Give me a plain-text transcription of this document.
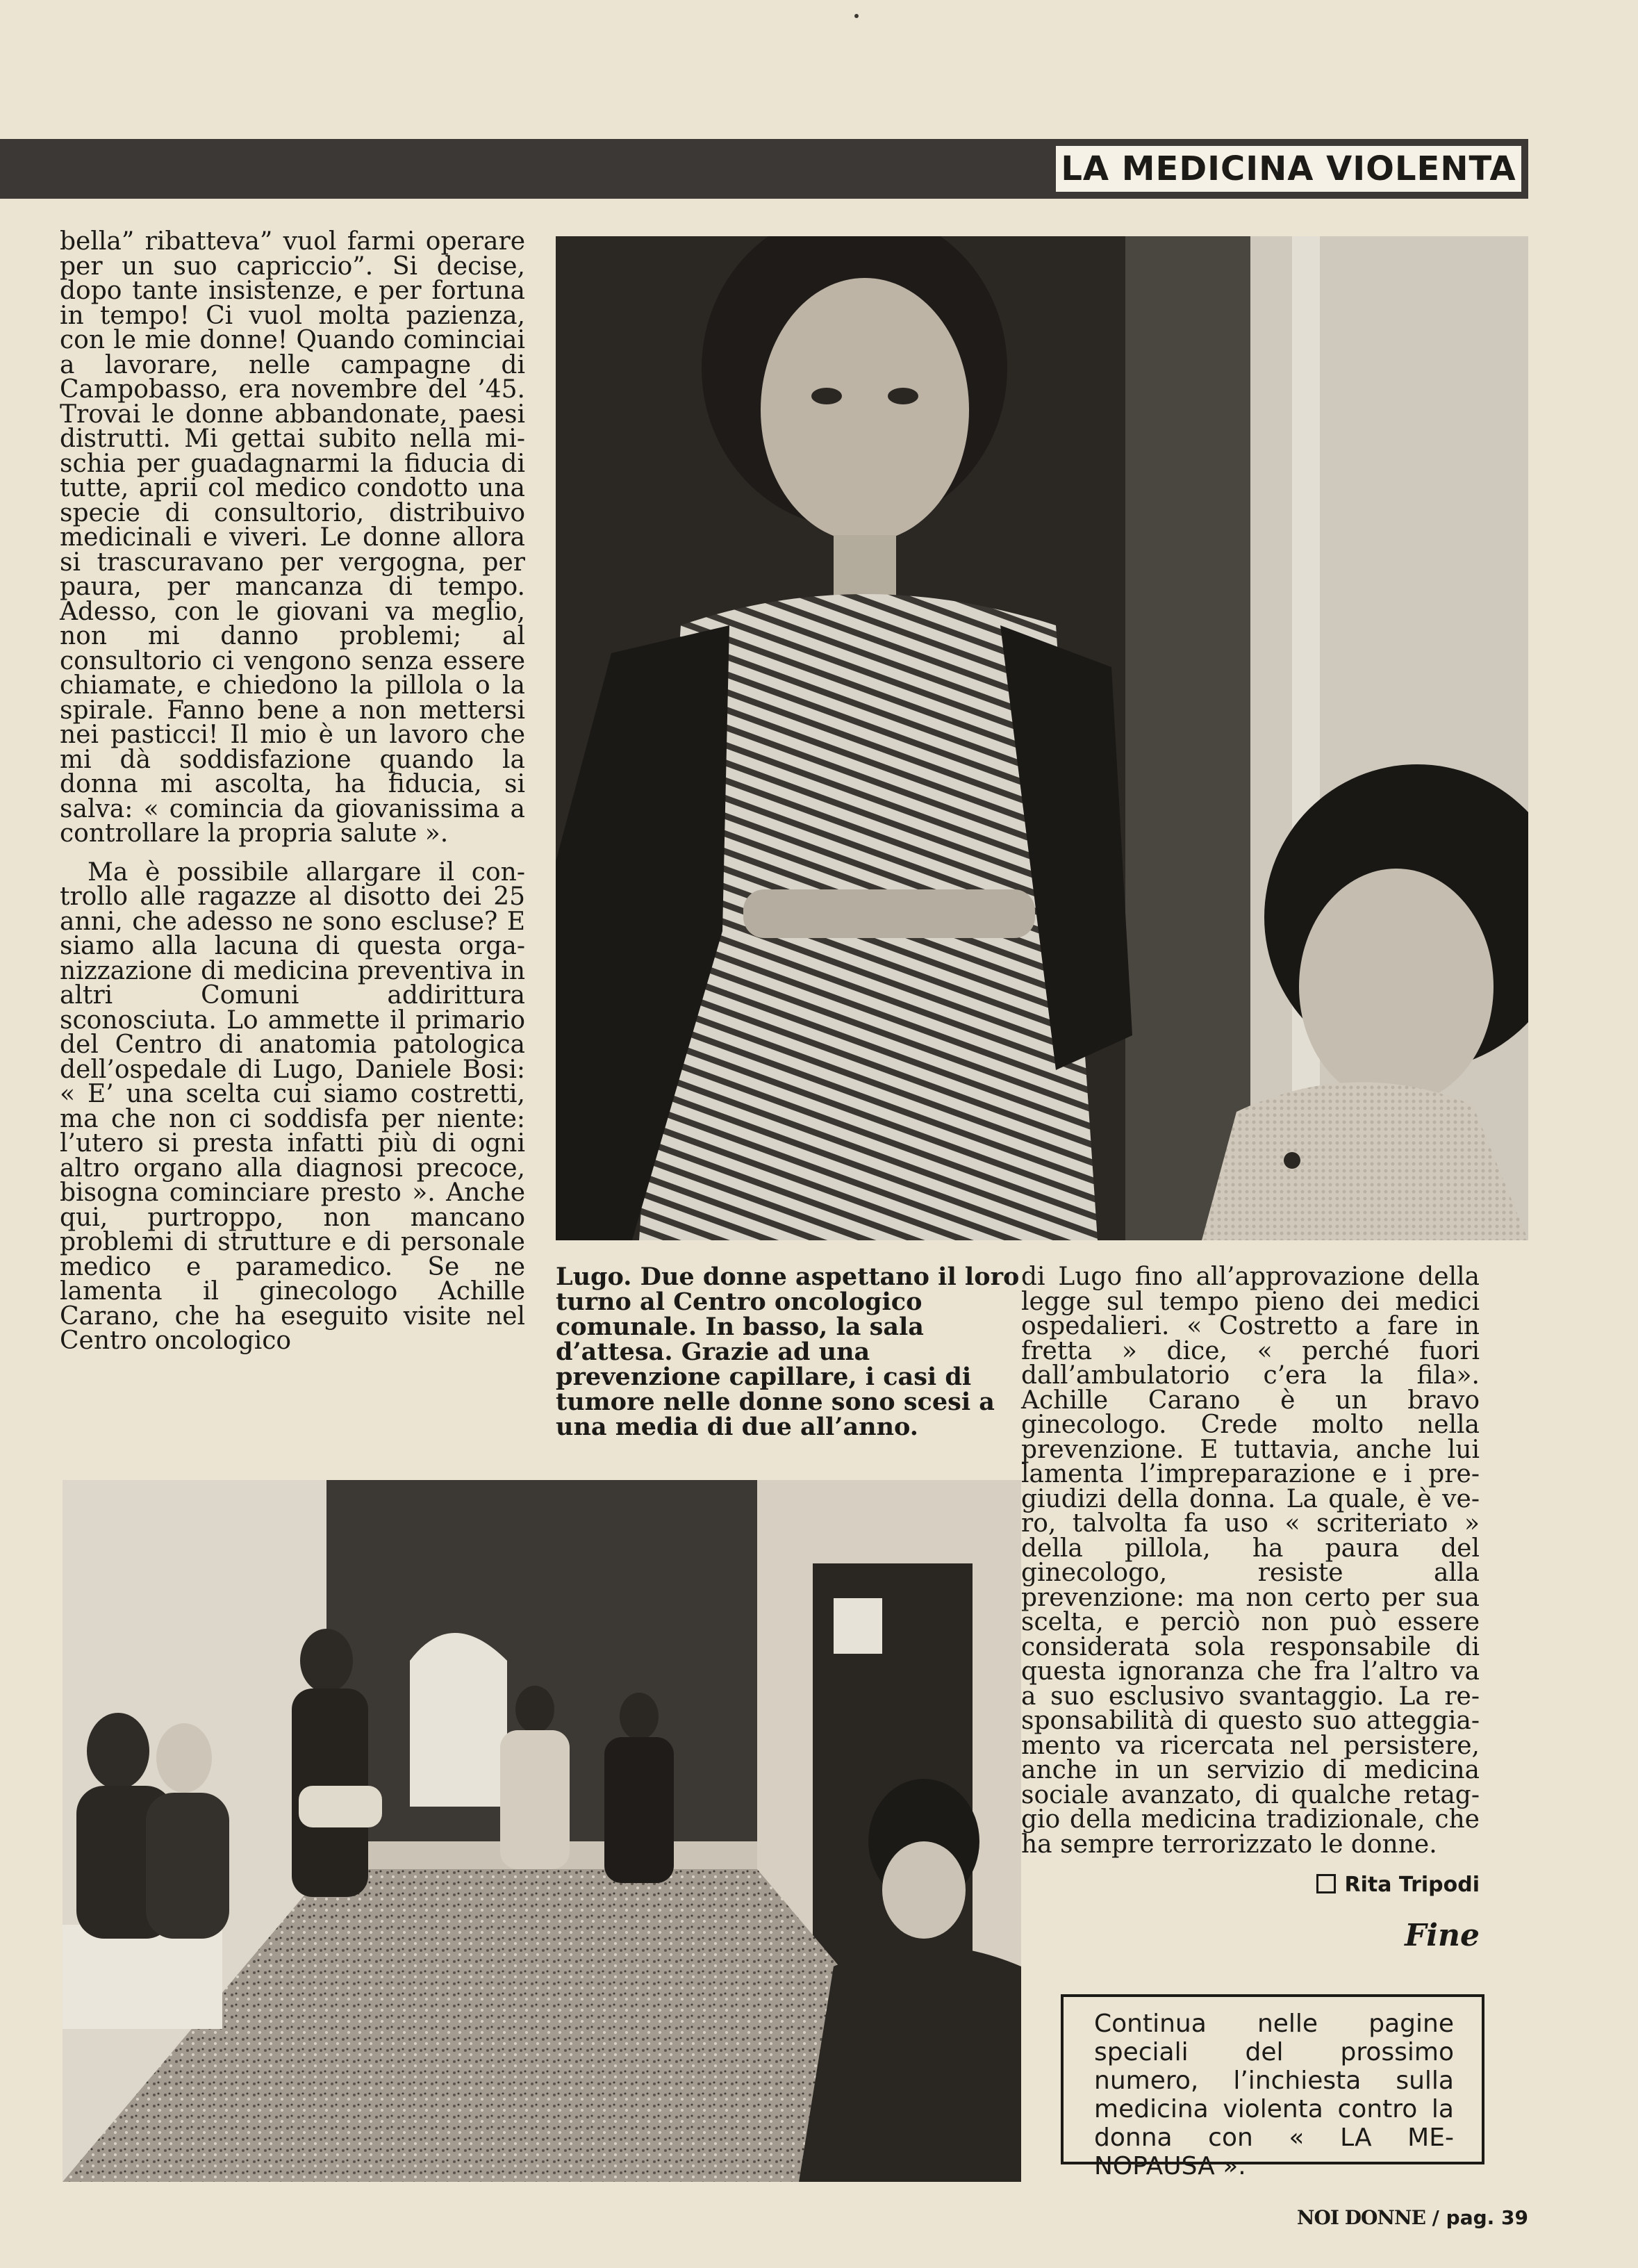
LA MEDICINA VIOLENTA

bella” ribatteva” vuol farmi operare per un suo capriccio”. Si decise, dopo tante insistenze, e per fortuna in tempo! Ci vuol molta pazienza, con le mie donne! Quando cominciai a lavorare, nelle campagne di Campobasso, era novembre del ’45. Trovai le donne abbandonate, paesi distrutti. Mi gettai subito nella mischia per guadagnarmi la fiducia di tutte, aprii col medico condotto una specie di consultorio, distribuivo medicinali e viveri. Le donne allora si trascuravano per vergogna, per paura, per mancanza di tempo. Adesso, con le giovani va meglio, non mi danno problemi; al consultorio ci vengono senza essere chiamate, e chiedono la pillola o la spirale. Fanno bene a non mettersi nei pasticci! Il mio è un lavoro che mi dà soddisfazione quando la donna mi ascolta, ha fiducia, si salva: « comincia da giovanissima a controllare la propria salute ».

Ma è possibile allargare il controllo alle ragazze al disotto dei 25 anni, che adesso ne sono escluse? E siamo alla lacuna di questa organizzazione di medicina preventiva in altri Comuni addirittura sconosciuta. Lo ammette il primario del Centro di anatomia patologica dell’ospedale di Lugo, Daniele Bosi: « E’ una scelta cui siamo costretti, ma che non ci soddisfa per niente: l’utero si presta infatti più di ogni altro organo alla diagnosi precoce, bisogna cominciare presto ». Anche qui, purtroppo, non mancano problemi di strutture e di personale medico e paramedico. Se ne lamenta il ginecologo Achille Carano, che ha eseguito visite nel Centro oncologico

Lugo. Due donne aspettano il loro turno al Centro oncologico comunale. In basso, la sala d’attesa. Grazie ad una prevenzione capillare, i casi di tumore nelle donne sono scesi a una media di due all’anno.

di Lugo fino all’approvazione della legge sul tempo pieno dei medici ospedalieri. « Costretto a fare in fretta » dice, « perché fuori dall’ambulatorio c’era la fila». Achille Carano è un bravo ginecologo. Crede molto nella prevenzione. E tuttavia, anche lui lamenta l’impreparazione e i pregiudizi della donna. La quale, è vero, talvolta fa uso « scriteriato » della pillola, ha paura del ginecologo, resiste alla prevenzione: ma non certo per sua scelta, e perciò non può essere considerata sola responsabile di questa ignoranza che fra l’altro va a suo esclusivo svantaggio. La responsabilità di questo suo atteggiamento va ricercata nel persistere, anche in un servizio di medicina sociale avanzato, di qualche retaggio della medicina tradizionale, che ha sempre terrorizzato le donne.

Rita Tripodi
Fine
Continua nelle pagine speciali del prossimo numero, l’inchiesta sulla medicina violenta contro la donna con « LA MENOPAUSA ».
NOI DONNE / pag. 39
